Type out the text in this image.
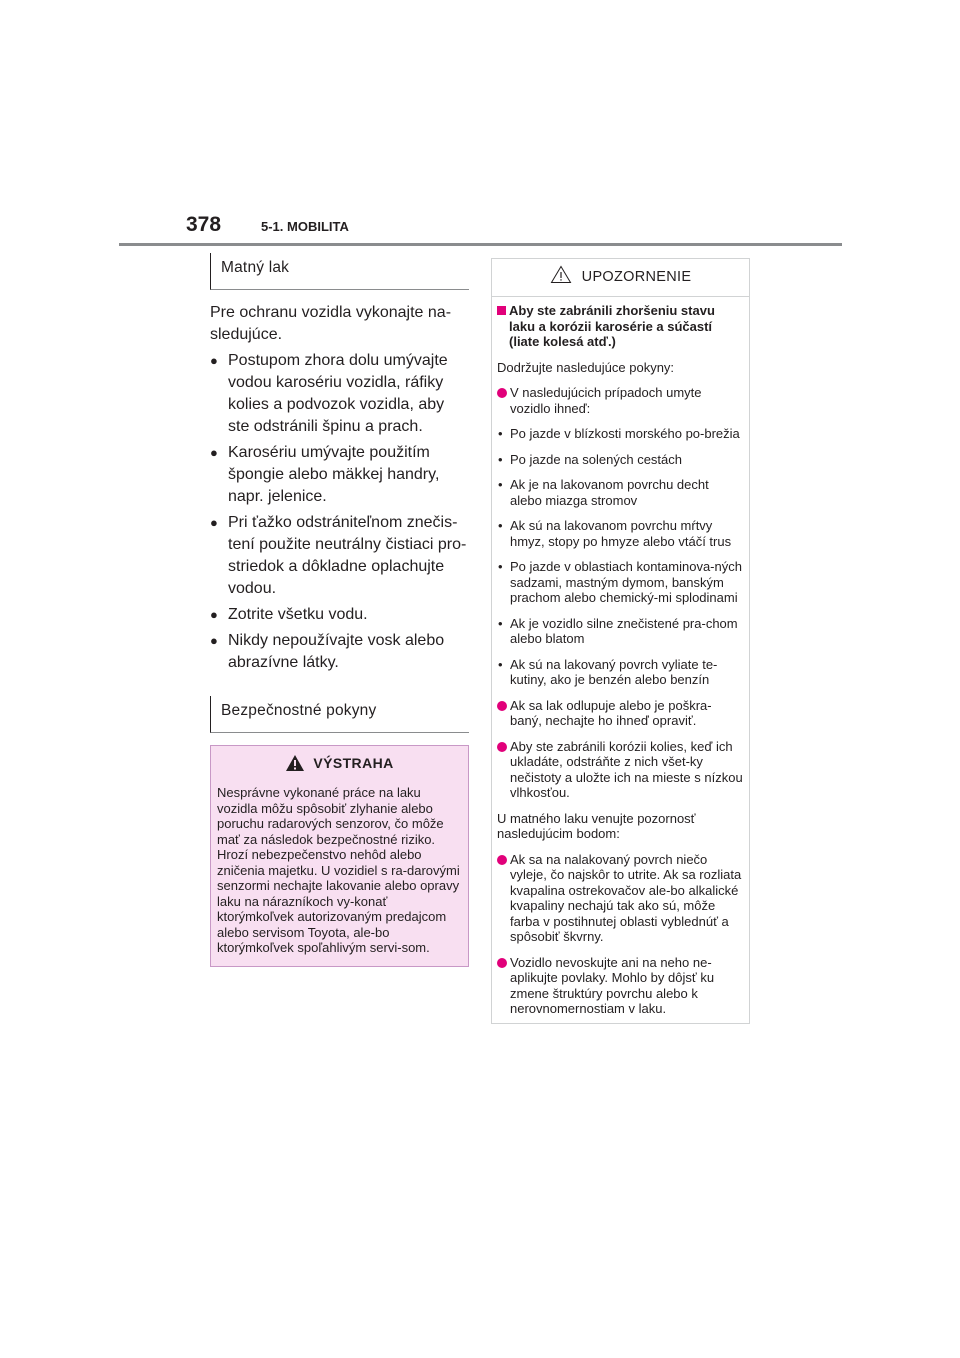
378	5-1. MOBILITA
Matný lak

Pre ochranu vozidla vykonajte na-sledujúce.

● Postupom zhora dolu umývajte vodou karosériu vozidla, ráfiky kolies a podvozok vozidla, aby ste odstránili špinu a prach.
● Karosériu umývajte použitím špongie alebo mäkkej handry, napr. jelenice.
● Pri ťažko odstrániteľnom znečis-tení použite neutrálny čistiaci pro-striedok a dôkladne oplachujte vodou.
● Zotrite všetku vodu.
● Nikdy nepoužívajte vosk alebo abrazívne látky.
Bezpečnostné pokyny
VÝSTRAHA
Nesprávne vykonané práce na laku vozidla môžu spôsobiť zlyhanie alebo poruchu radarových senzorov, čo môže mať za následok bezpečnostné riziko. Hrozí nebezpečenstvo nehôd alebo zničenia majetku. U vozidiel s ra-darovými senzormi nechajte lakovanie alebo opravy laku na nárazníkoch vy-konať ktorýmkoľvek autorizovaným predajcom alebo servisom Toyota, ale-bo ktorýmkoľvek spoľahlivým servi-som.
UPOZORNENIE

Aby ste zabránili zhoršeniu stavu laku a korózii karosérie a súčastí (liate kolesá atď.)

Dodržujte nasledujúce pokyny:

V nasledujúcich prípadoch umyte vozidlo ihneď:

• Po jazde v blízkosti morského po-brežia

• Po jazde na solených cestách

• Ak je na lakovanom povrchu decht alebo miazga stromov

• Ak sú na lakovanom povrchu mŕtvy hmyz, stopy po hmyze alebo vtáčí trus

• Po jazde v oblastiach kontaminova-ných sadzami, mastným dymom, banským prachom alebo chemický-mi splodinami

• Ak je vozidlo silne znečistené pra-chom alebo blatom

• Ak sú na lakovaný povrch vyliate te-kutiny, ako je benzén alebo benzín

Ak sa lak odlupuje alebo je poškra-baný, nechajte ho ihneď opraviť.

Aby ste zabránili korózii kolies, keď ich ukladáte, odstráňte z nich všet-ky nečistoty a uložte ich na mieste s nízkou vlhkosťou.

U matného laku venujte pozornosť nasledujúcim bodom:

Ak sa na nalakovaný povrch niečo vyleje, čo najskôr to utrite. Ak sa rozliata kvapalina ostrekovačov ale-bo alkalické kvapaliny nechajú tak ako sú, môže farba v postihnutej oblasti vyblednúť a spôsobiť škvrny.

Vozidlo nevoskujte ani na neho ne-aplikujte povlaky. Mohlo by dôjsť ku zmene štruktúry povrchu alebo k nerovnomernostiam v laku.
